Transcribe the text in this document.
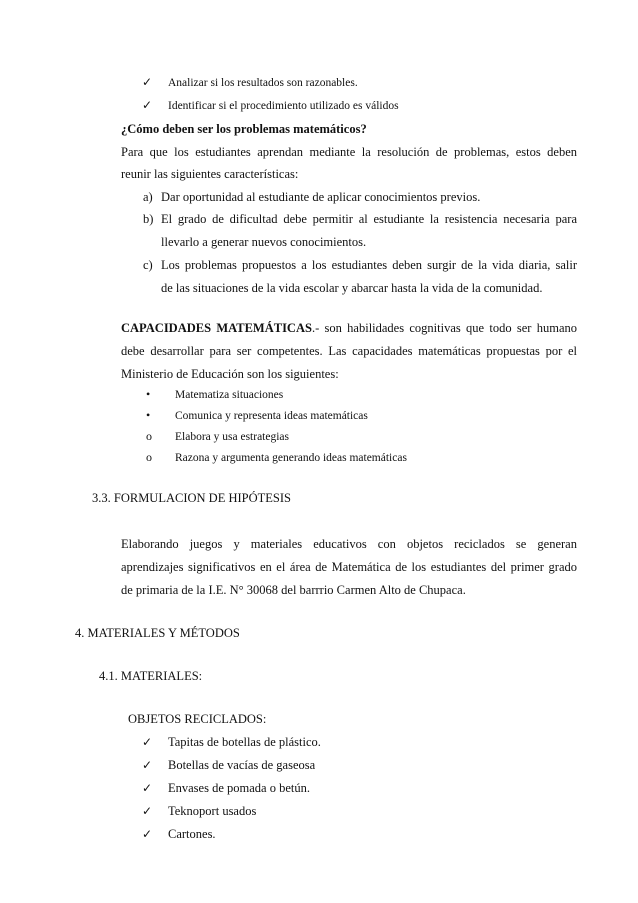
✓ Analizar si los resultados son razonables.
✓ Identificar si el procedimiento utilizado es válidos
¿Cómo deben ser los problemas matemáticos?
Para que los estudiantes aprendan mediante la resolución de problemas, estos deben
reunir las siguientes características:
a) Dar oportunidad al estudiante de aplicar conocimientos previos.
b) El grado de dificultad debe permitir al estudiante la resistencia necesaria para
llevarlo a generar nuevos conocimientos.
c) Los problemas propuestos a los estudiantes deben surgir de la vida diaria, salir
de las situaciones de la vida escolar y abarcar hasta la vida de la comunidad.
CAPACIDADES MATEMÁTICAS.- son habilidades cognitivas que todo ser humano
debe desarrollar para ser competentes. Las capacidades matemáticas propuestas por el
Ministerio de Educación son los siguientes:
• Matematiza situaciones
• Comunica y representa ideas matemáticas
o Elabora y usa estrategias
o Razona y argumenta generando ideas matemáticas
3.3. FORMULACION DE HIPÓTESIS
Elaborando juegos y materiales educativos con objetos reciclados se generan
aprendizajes significativos en el área de Matemática de los estudiantes del primer grado
de primaria de la I.E. N° 30068 del barrrio Carmen Alto de Chupaca.
4. MATERIALES Y MÉTODOS
4.1. MATERIALES:
OBJETOS RECICLADOS:
✓ Tapitas de botellas de plástico.
✓ Botellas de vacías de gaseosa
✓ Envases de pomada o betún.
✓ Teknoport usados
✓ Cartones.
